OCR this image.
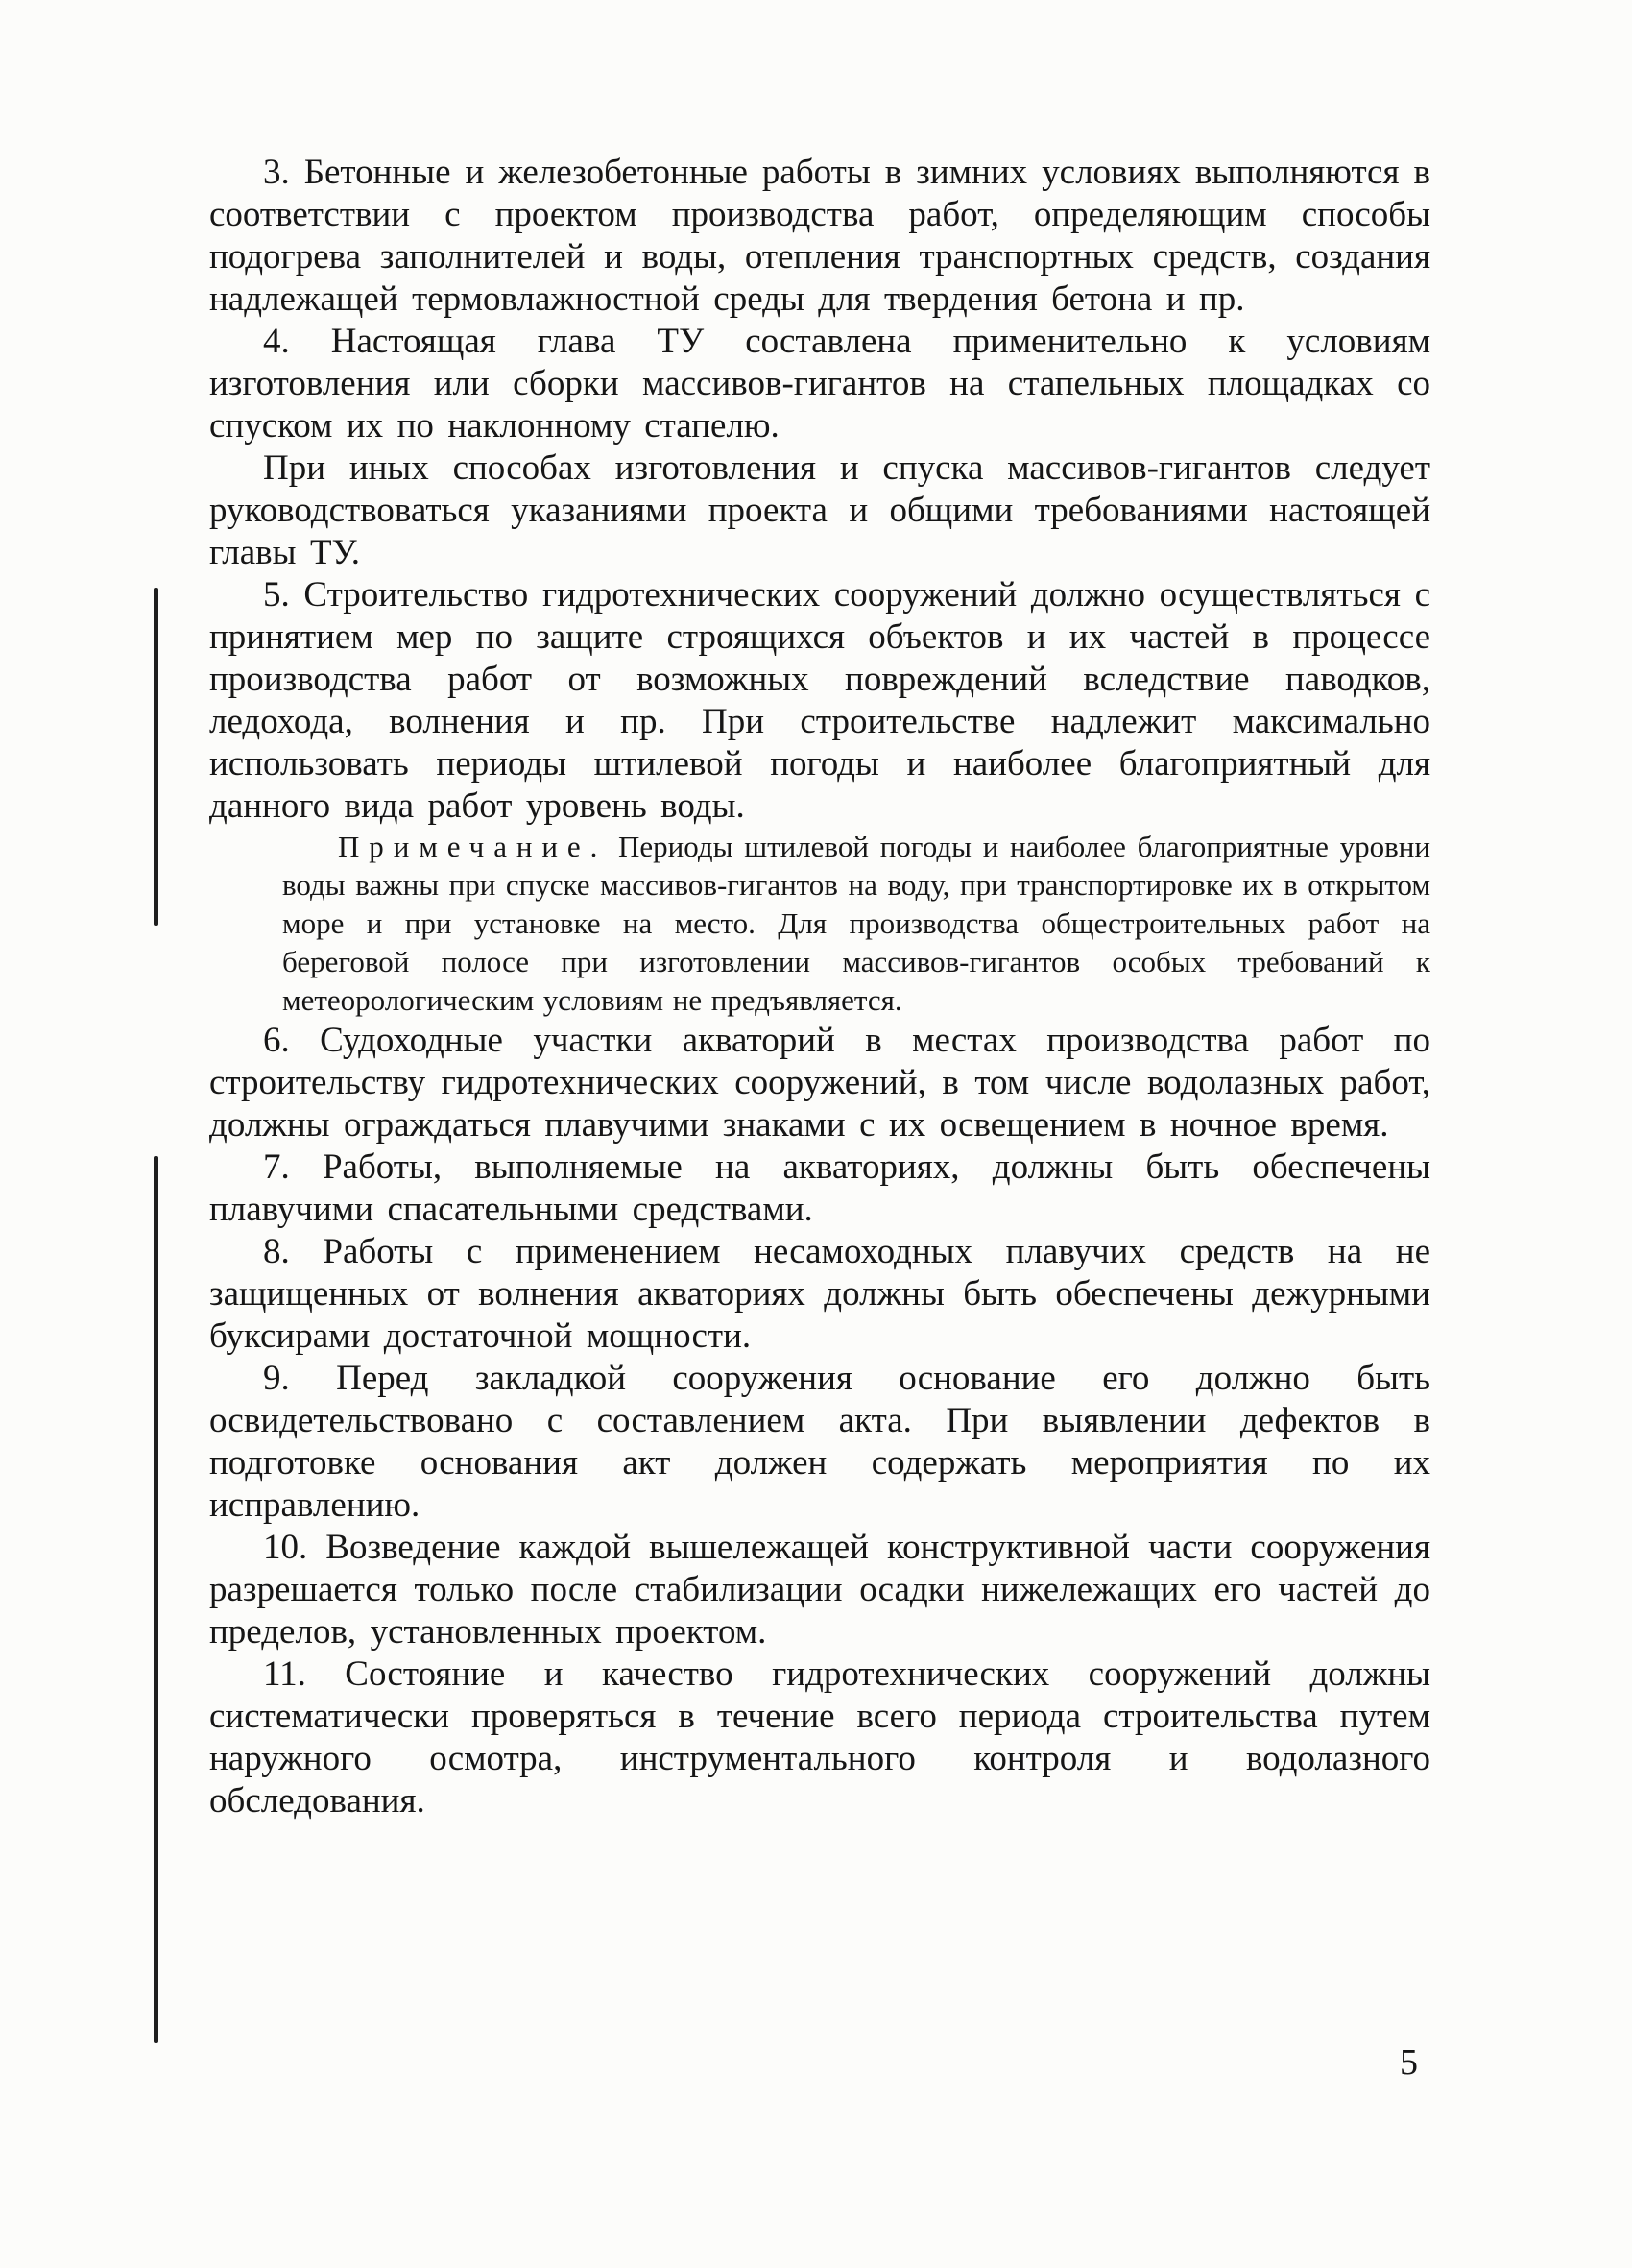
3. Бетонные и железобетонные работы в зимних условиях выполняются в соответствии с проектом производства работ, определяющим способы подогрева заполнителей и воды, отепления транспортных средств, создания надлежащей термовлажностной среды для твердения бетона и пр.

4. Настоящая глава ТУ составлена применительно к условиям изготовления или сборки массивов-гигантов на стапельных площадках со спуском их по наклонному стапелю.

При иных способах изготовления и спуска массивов-гигантов следует руководствоваться указаниями проекта и общими требованиями настоящей главы ТУ.

5. Строительство гидротехнических сооружений должно осуществляться с принятием мер по защите строящихся объектов и их частей в процессе производства работ от возможных повреждений вследствие паводков, ледохода, волнения и пр. При строительстве надлежит максимально использовать периоды штилевой погоды и наиболее благоприятный для данного вида работ уровень воды.

Примечание. Периоды штилевой погоды и наиболее благоприятные уровни воды важны при спуске массивов-гигантов на воду, при транспортировке их в открытом море и при установке на место. Для производства общестроительных работ на береговой полосе при изготовлении массивов-гигантов особых требований к метеорологическим условиям не предъявляется.

6. Судоходные участки акваторий в местах производства работ по строительству гидротехнических сооружений, в том числе водолазных работ, должны ограждаться плавучими знаками с их освещением в ночное время.

7. Работы, выполняемые на акваториях, должны быть обеспечены плавучими спасательными средствами.

8. Работы с применением несамоходных плавучих средств на не защищенных от волнения акваториях должны быть обеспечены дежурными буксирами достаточной мощности.

9. Перед закладкой сооружения основание его должно быть освидетельствовано с составлением акта. При выявлении дефектов в подготовке основания акт должен содержать мероприятия по их исправлению.

10. Возведение каждой вышележащей конструктивной части сооружения разрешается только после стабилизации осадки нижележащих его частей до пределов, установленных проектом.

11. Состояние и качество гидротехнических сооружений должны систематически проверяться в течение всего периода строительства путем наружного осмотра, инструментального контроля и водолазного обследования.

5
